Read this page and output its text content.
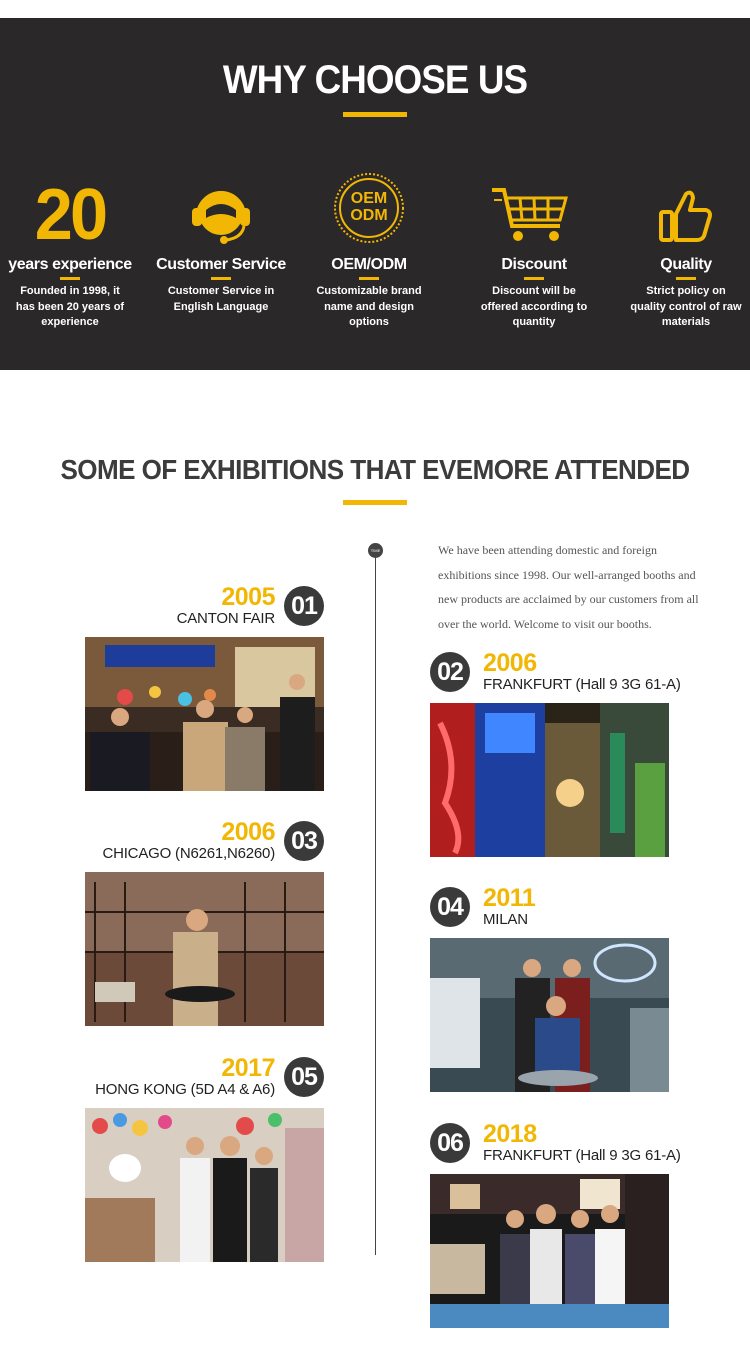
WHY CHOOSE US
20
years experience
Founded in 1998, it has been 20 years of experience
Customer Service
Customer Service in English Language
OEM
ODM
OEM/ODM
Customizable brand name and design options
Discount
Discount will be offered according to quantity
Quality
Strict policy on quality control of raw materials
SOME OF EXHIBITIONS THAT EVEMORE ATTENDED
TIME	We have been attending domestic and foreign exhibitions since 1998. Our well-arranged booths and new products are acclaimed by our customers from all over the world. Welcome to visit our booths.

2005
CANTON FAIR 01
02 2006
FRANKFURT (Hall 9 3G 61-A)
2006
CHICAGO (N6261,N6260) 03
04 2011
MILAN
2017
HONG KONG (5D A4 & A6) 05
06 2018
FRANKFURT (Hall 9 3G 61-A)
